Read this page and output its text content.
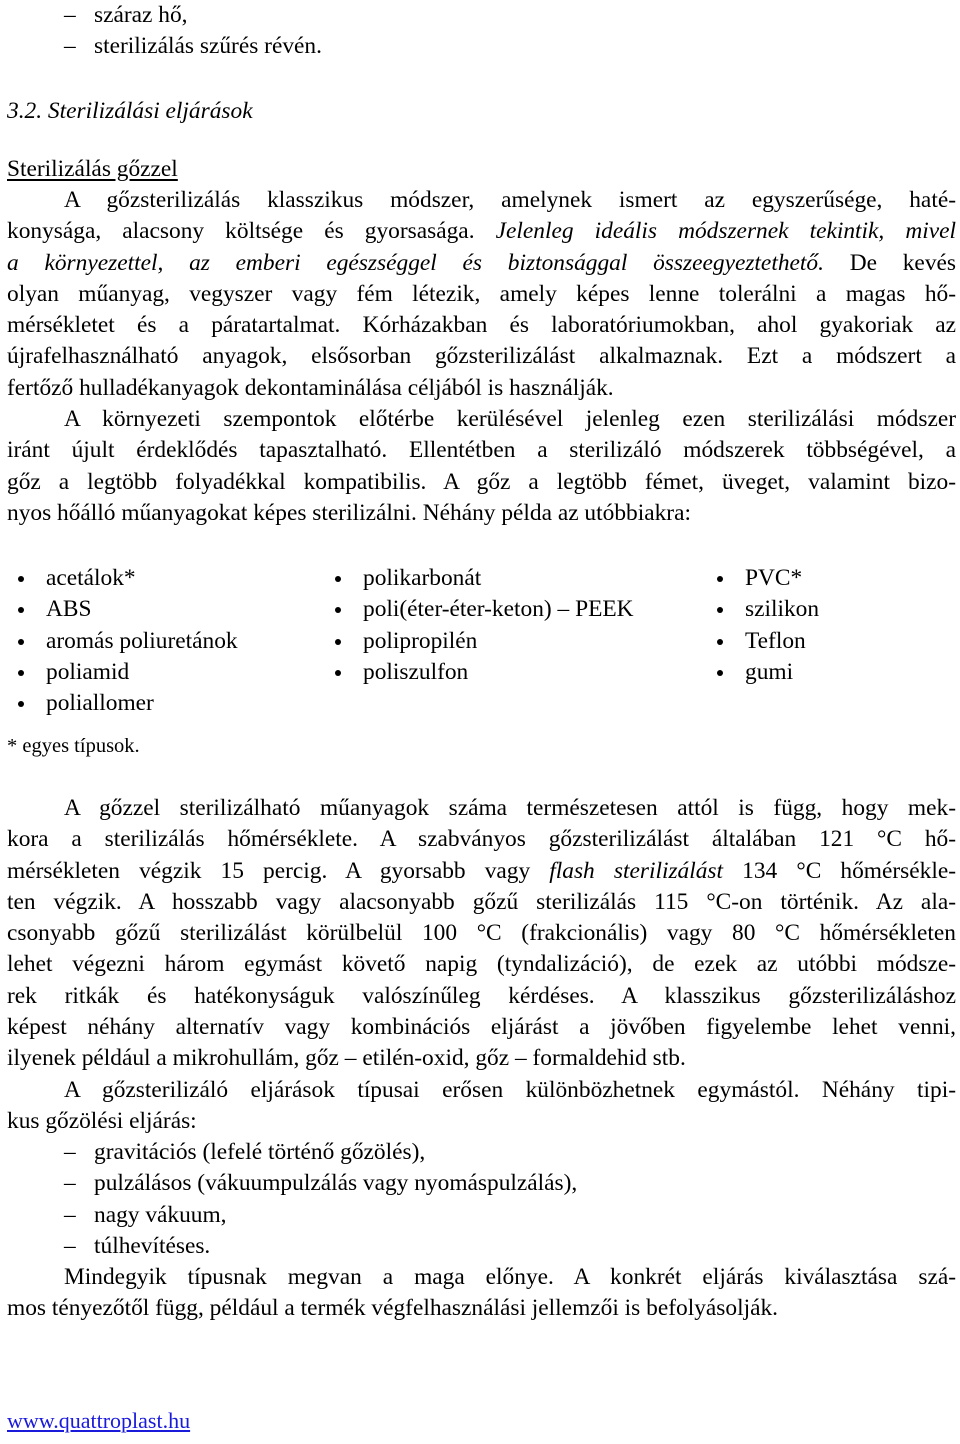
– száraz hő,
– sterilizálás szűrés révén.
3.2. Sterilizálási eljárások
Sterilizálás gőzzel
A gőzsterilizálás klasszikus módszer, amelynek ismert az egyszerűsége, haté-
konysága, alacsony költsége és gyorsasága. Jelenleg ideális módszernek tekintik, mivel
a környezettel, az emberi egészséggel és biztonsággal összeegyeztethető. De kevés
olyan műanyag, vegyszer vagy fém létezik, amely képes lenne tolerálni a magas hő-
mérsékletet és a páratartalmat. Kórházakban és laboratóriumokban, ahol gyakoriak az
újrafelhasználható anyagok, elsősorban gőzsterilizálást alkalmaznak. Ezt a módszert a
fertőző hulladékanyagok dekontaminálása céljából is használják.
A környezeti szempontok előtérbe kerülésével jelenleg ezen sterilizálási módszer
iránt újult érdeklődés tapasztalható. Ellentétben a sterilizáló módszerek többségével, a
gőz a legtöbb folyadékkal kompatibilis. A gőz a legtöbb fémet, üveget, valamint bizo-
nyos hőálló műanyagokat képes sterilizálni. Néhány példa az utóbbiakra:
acetálok*
ABS
aromás poliuretánok
poliamid
poliallomer
polikarbonát
poli(éter-éter-keton) – PEEK
polipropilén
poliszulfon
PVC*
szilikon
Teflon
gumi
* egyes típusok.
A gőzzel sterilizálható műanyagok száma természetesen attól is függ, hogy mek-
kora a sterilizálás hőmérséklete. A szabványos gőzsterilizálást általában 121 °C hő-
mérsékleten végzik 15 percig. A gyorsabb vagy flash sterilizálást 134 °C hőmérsékle-
ten végzik. A hosszabb vagy alacsonyabb gőzű sterilizálás 115 °C-on történik. Az ala-
csonyabb gőzű sterilizálást körülbelül 100 °C (frakcionális) vagy 80 °C hőmérsékleten
lehet végezni három egymást követő napig (tyndalizáció), de ezek az utóbbi módsze-
rek ritkák és hatékonyságuk valószínűleg kérdéses. A klasszikus gőzsterilizáláshoz
képest néhány alternatív vagy kombinációs eljárást a jövőben figyelembe lehet venni,
ilyenek például a mikrohullám, gőz – etilén-oxid, gőz – formaldehid stb.
A gőzsterilizáló eljárások típusai erősen különbözhetnek egymástól. Néhány tipi-
kus gőzölési eljárás:
– gravitációs (lefelé történő gőzölés),
– pulzálásos (vákuumpulzálás vagy nyomáspulzálás),
– nagy vákuum,
– túlhevítéses.
Mindegyik típusnak megvan a maga előnye. A konkrét eljárás kiválasztása szá-
mos tényezőtől függ, például a termék végfelhasználási jellemzői is befolyásolják.
www.quattroplast.hu
